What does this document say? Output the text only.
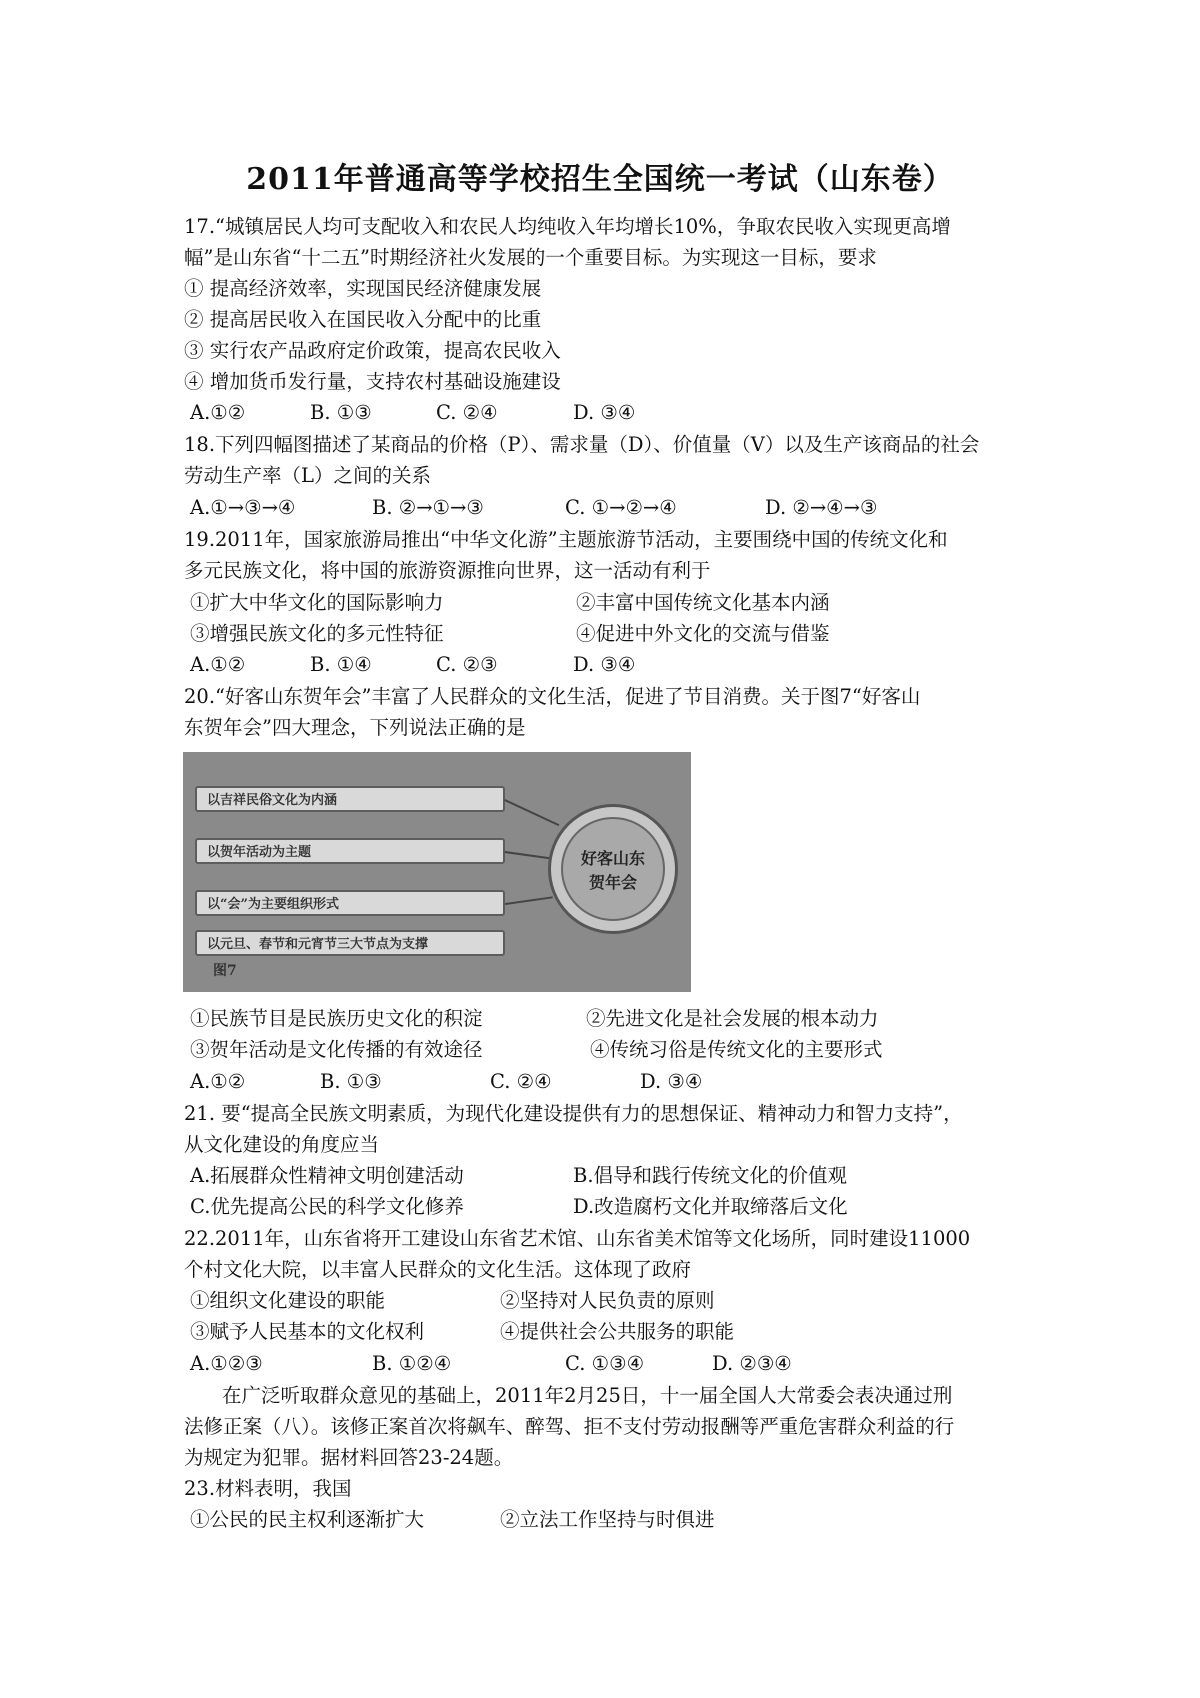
2011年普通高等学校招生全国统一考试（山东卷）
17.“城镇居民人均可支配收入和农民人均纯收入年均增长10%，争取农民收入实现更高增
幅”是山东省“十二五”时期经济社火发展的一个重要目标。为实现这一目标，要求
① 提高经济效率，实现国民经济健康发展
② 提高居民收入在国民收入分配中的比重
③ 实行农产品政府定价政策，提高农民收入
④ 增加货币发行量，支持农村基础设施建设
A.①②	B. ①③	C. ②④	D. ③④
18.下列四幅图描述了某商品的价格（P）、需求量（D）、价值量（V）以及生产该商品的社会
劳动生产率（L）之间的关系
A.①→③→④	B. ②→①→③	C. ①→②→④	D. ②→④→③
19.2011年，国家旅游局推出“中华文化游”主题旅游节活动，主要围绕中国的传统文化和
多元民族文化，将中国的旅游资源推向世界，这一活动有利于
①扩大中华文化的国际影响力	②丰富中国传统文化基本内涵
③增强民族文化的多元性特征	④促进中外文化的交流与借鉴
A.①②	B. ①④	C. ②③	D. ③④
20.“好客山东贺年会”丰富了人民群众的文化生活，促进了节目消费。关于图7“好客山
东贺年会”四大理念，下列说法正确的是
以吉祥民俗文化为内涵
以贺年活动为主题
以“会”为主要组织形式
好客山东
贺年会
以元旦、春节和元宵节三大节点为支撑
图7
①民族节目是民族历史文化的积淀	②先进文化是社会发展的根本动力
③贺年活动是文化传播的有效途径	④传统习俗是传统文化的主要形式
A.①②	B. ①③	C. ②④	D. ③④
21. 要“提高全民族文明素质，为现代化建设提供有力的思想保证、精神动力和智力支持”，
从文化建设的角度应当
A.拓展群众性精神文明创建活动	B.倡导和践行传统文化的价值观
C.优先提高公民的科学文化修养	D.改造腐朽文化并取缔落后文化
22.2011年，山东省将开工建设山东省艺术馆、山东省美术馆等文化场所，同时建设11000
个村文化大院，以丰富人民群众的文化生活。这体现了政府
①组织文化建设的职能	②坚持对人民负责的原则
③赋予人民基本的文化权利	④提供社会公共服务的职能
A.①②③	B. ①②④	C. ①③④	D. ②③④
在广泛听取群众意见的基础上，2011年2月25日，十一届全国人大常委会表决通过刑
法修正案（八）。该修正案首次将飙车、醉驾、拒不支付劳动报酬等严重危害群众利益的行
为规定为犯罪。据材料回答23-24题。
23.材料表明，我国
①公民的民主权利逐渐扩大	②立法工作坚持与时俱进
